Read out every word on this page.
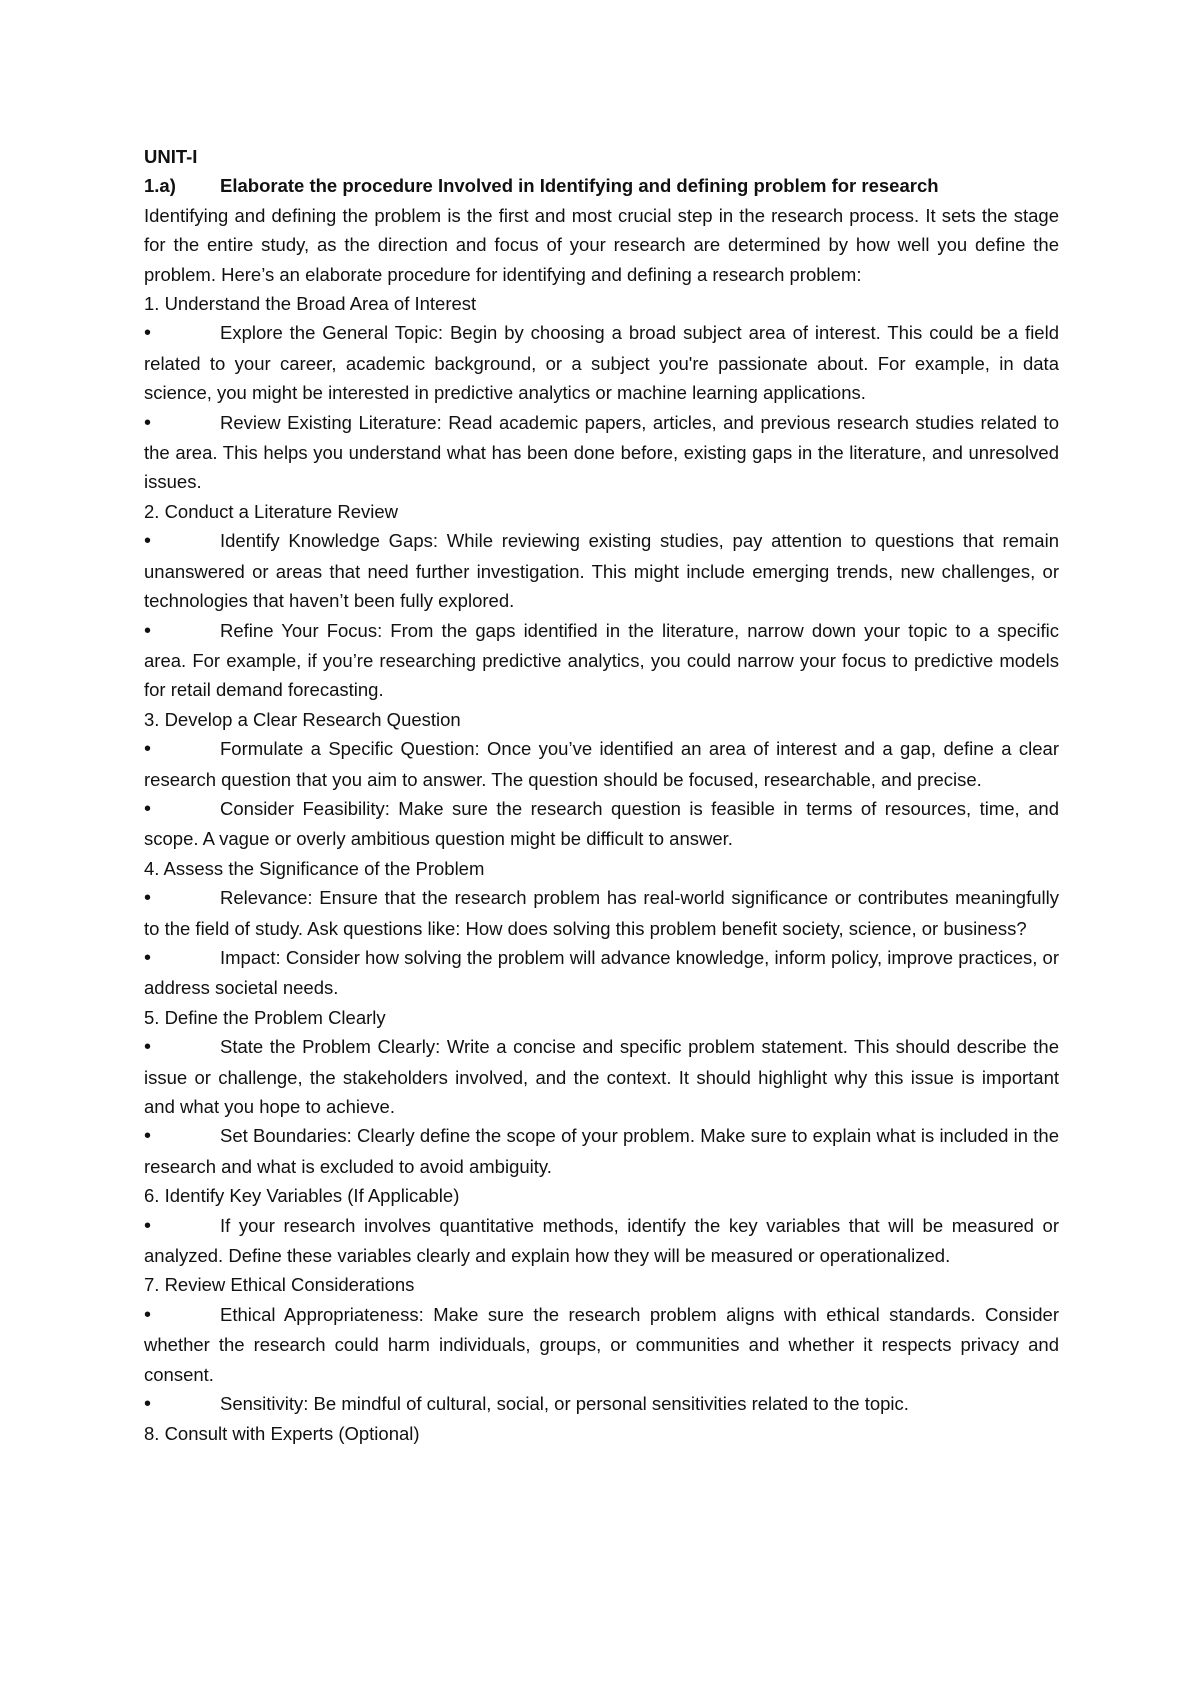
UNIT-I

1.a)	Elaborate the procedure Involved in Identifying and defining problem for research

Identifying and defining the problem is the first and most crucial step in the research process. It sets the stage for the entire study, as the direction and focus of your research are determined by how well you define the problem. Here’s an elaborate procedure for identifying and defining a research problem:

1. Understand the Broad Area of Interest

•Explore the General Topic: Begin by choosing a broad subject area of interest. This could be a field related to your career, academic background, or a subject you're passionate about. For example, in data science, you might be interested in predictive analytics or machine learning applications.

•Review Existing Literature: Read academic papers, articles, and previous research studies related to the area. This helps you understand what has been done before, existing gaps in the literature, and unresolved issues.

2. Conduct a Literature Review

•Identify Knowledge Gaps: While reviewing existing studies, pay attention to questions that remain unanswered or areas that need further investigation. This might include emerging trends, new challenges, or technologies that haven’t been fully explored.

•Refine Your Focus: From the gaps identified in the literature, narrow down your topic to a specific area. For example, if you’re researching predictive analytics, you could narrow your focus to predictive models for retail demand forecasting.

3. Develop a Clear Research Question

•Formulate a Specific Question: Once you’ve identified an area of interest and a gap, define a clear research question that you aim to answer. The question should be focused, researchable, and precise.

•Consider Feasibility: Make sure the research question is feasible in terms of resources, time, and scope. A vague or overly ambitious question might be difficult to answer.

4. Assess the Significance of the Problem

•Relevance: Ensure that the research problem has real-world significance or contributes meaningfully to the field of study. Ask questions like: How does solving this problem benefit society, science, or business?

•Impact: Consider how solving the problem will advance knowledge, inform policy, improve practices, or address societal needs.

5. Define the Problem Clearly

•State the Problem Clearly: Write a concise and specific problem statement. This should describe the issue or challenge, the stakeholders involved, and the context. It should highlight why this issue is important and what you hope to achieve.

•Set Boundaries: Clearly define the scope of your problem. Make sure to explain what is included in the research and what is excluded to avoid ambiguity.

6. Identify Key Variables (If Applicable)

•If your research involves quantitative methods, identify the key variables that will be measured or analyzed. Define these variables clearly and explain how they will be measured or operationalized.

7. Review Ethical Considerations

•Ethical Appropriateness: Make sure the research problem aligns with ethical standards. Consider whether the research could harm individuals, groups, or communities and whether it respects privacy and consent.

•Sensitivity: Be mindful of cultural, social, or personal sensitivities related to the topic.

8. Consult with Experts (Optional)
